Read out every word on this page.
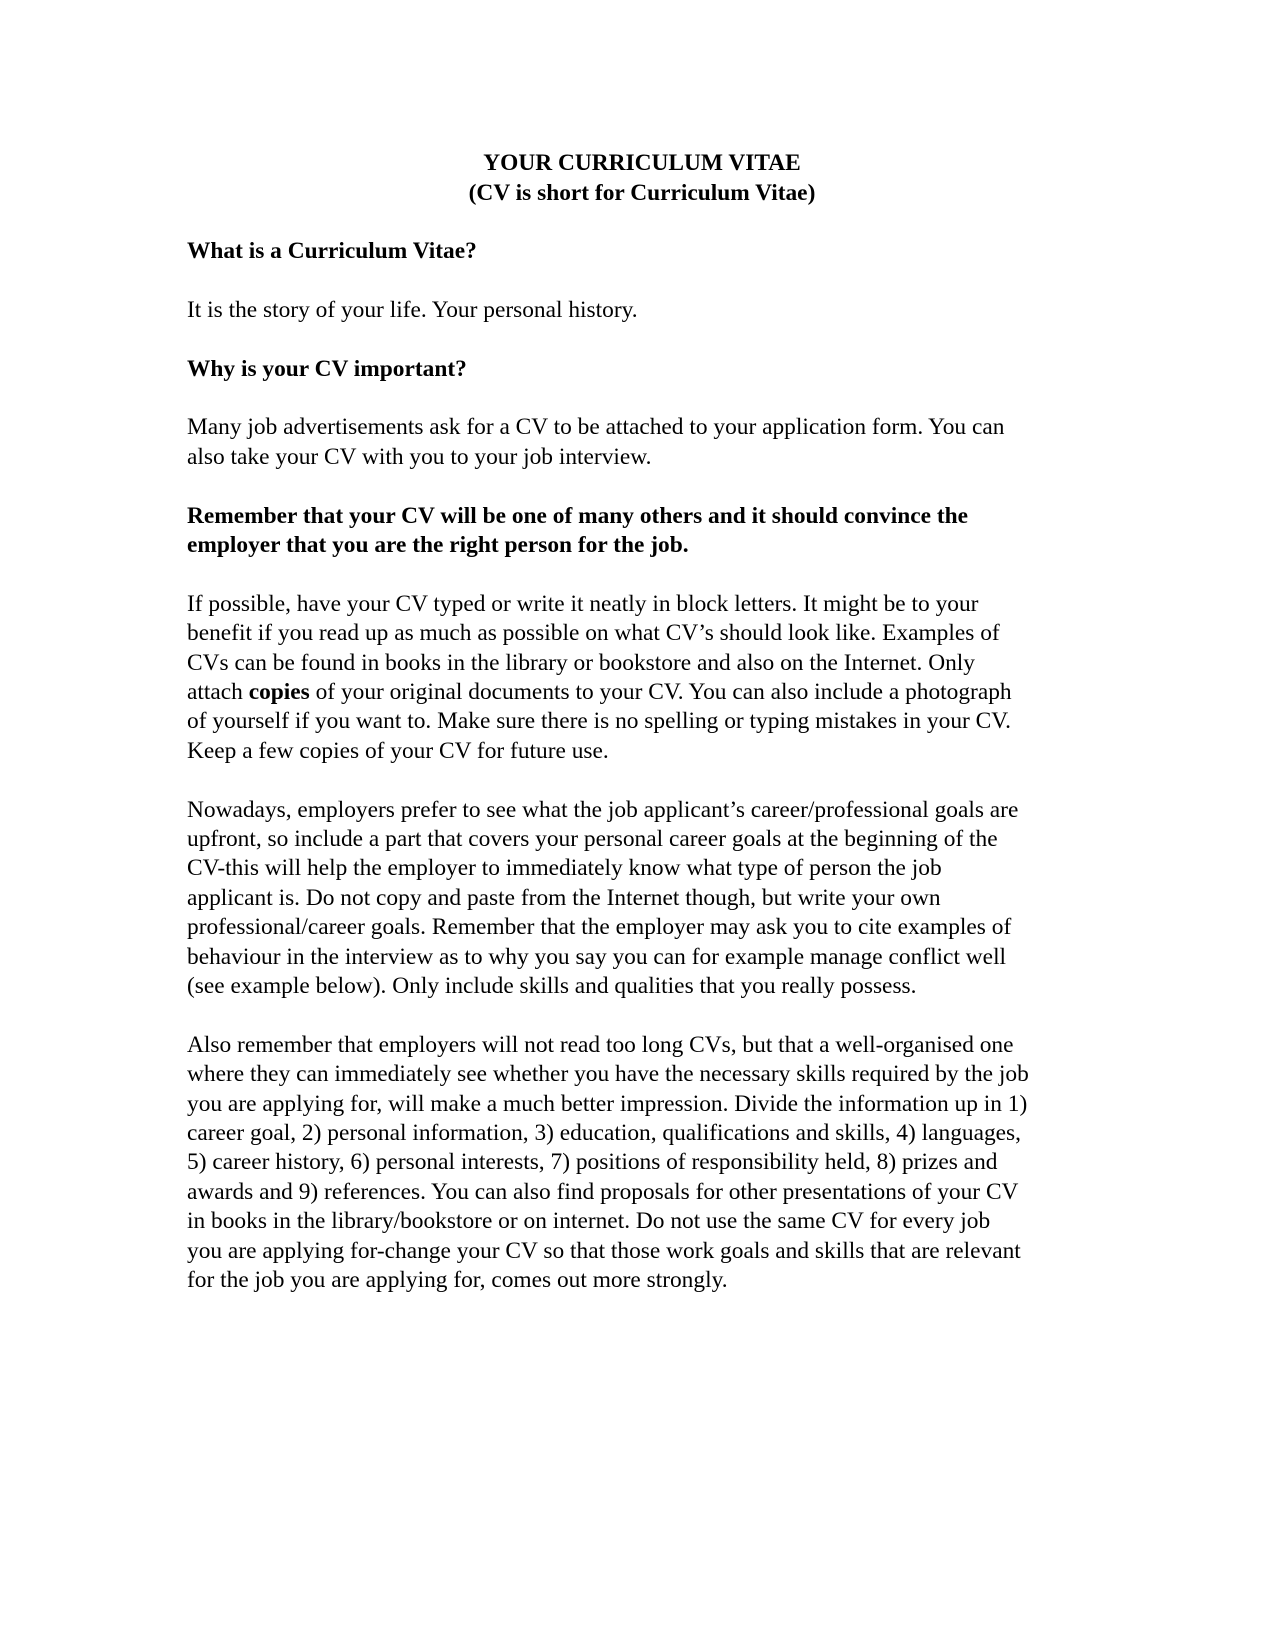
YOUR CURRICULUM VITAE
(CV is short for Curriculum Vitae)
What is a Curriculum Vitae?

It is the story of your life. Your personal history.

Why is your CV important?

Many job advertisements ask for a CV to be attached to your application form. You can
also take your CV with you to your job interview.

Remember that your CV will be one of many others and it should convince the
employer that you are the right person for the job.

If possible, have your CV typed or write it neatly in block letters. It might be to your
benefit if you read up as much as possible on what CV’s should look like. Examples of
CVs can be found in books in the library or bookstore and also on the Internet. Only
attach copies of your original documents to your CV. You can also include a photograph
of yourself if you want to. Make sure there is no spelling or typing mistakes in your CV.
Keep a few copies of your CV for future use.

Nowadays, employers prefer to see what the job applicant’s career/professional goals are
upfront, so include a part that covers your personal career goals at the beginning of the
CV-this will help the employer to immediately know what type of person the job
applicant is. Do not copy and paste from the Internet though, but write your own
professional/career goals. Remember that the employer may ask you to cite examples of
behaviour in the interview as to why you say you can for example manage conflict well
(see example below). Only include skills and qualities that you really possess.

Also remember that employers will not read too long CVs, but that a well-organised one
where they can immediately see whether you have the necessary skills required by the job
you are applying for, will make a much better impression. Divide the information up in 1)
career goal, 2) personal information, 3) education, qualifications and skills, 4) languages,
5) career history, 6) personal interests, 7) positions of responsibility held, 8) prizes and
awards and 9) references. You can also find proposals for other presentations of your CV
in books in the library/bookstore or on internet. Do not use the same CV for every job
you are applying for-change your CV so that those work goals and skills that are relevant
for the job you are applying for, comes out more strongly.
